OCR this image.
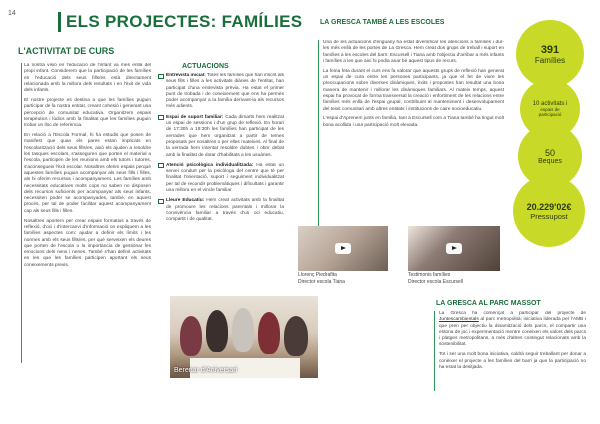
14	ELS PROJECTES: FAMÍLIES
L'ACTIVITAT DE CURS

La nostra visió en l'educació de l'infant va més enllà del propi infant. Considerem que la participació de les famílies en l'educació dels seus fills/es està directament relacionada amb la millora dels resultats i en l'èxit de vida dels infants.

El nostre projecte es destina a que les famílies puguin participar de la nostra entitat, creant cohesió i generant una percepció de comunitat educativa. Organitzem espais terapèutics i lúdics amb la finalitat que les famílies puguin trobar un lloc de referència.

En relació a l'Escola Formal, hi ha estudis que posen de manifest que quan els pares estan implicats en l'escolarització dels seus fills/es, això els ajuden a resoldre les tasques escolars, s'asseguren que porten el material a l'escola, participen de les reunions amb els tutors i tutores, s'aconsegueix l'èxit escolar. Nosaltres oferim espais perquè aquestes famílies puguin acompanyar als seus fills i filles, als hi oferim recursos i acompanyament. Les famílies amb necessitats educatives molts cops no saben no disposen dels recursos suficients per acompanyar als seus infants, necessiten poder se acompanyades, també, en aquest procés, per tal de poder facilitar aquest acompanyament cap als seus fills i filles.

Nosaltres aportem per crear espais formatius a través de reflexió, d'oci i d'intercanvi d'informació on expliquem a les famílies aspectes com: ajudar a definir els límits i les normes amb els seus fills/es, per què serveixen els deures que porten de l'escola o la importància de gestionar les emocions dels nens i nenes. També s'han definit activitats en les que les famílies participen aportant els seus coneixements previs.

ACTUACIONS
Entrevista inicial: Totes les famílies que han inscrit als seus fills i filles a les activitats diàries de l'entitat, han participat d'una entrevista prèvia. Ha estat el primer punt de trobada i de coneixement que ens ha permès poder acompanyar a la família derivant-la als recursos més adients.
Espai de suport familiar: Cada dimarts hem realitzat un espai de sessions i d'un grup de reflexió. En horari de 17:30h a 19:30h les famílies han participat de les xerrades que hem organitzat a partir de temes proposats per nosaltres o per elles mateixes. Al final de la xerrada hem intentat resoldre dubtes i obrir debat amb la finalitat de dotar d'habilitats a les usuàries.
Atenció psicològica individualitzada: Ha estat un servei conduït per la psicòloga del centre que té per finalitat l'orientació, suport i seguiment individualitzat per tal de recondir problemàtiques i dificultats i garantir una millora en el vincle familiar.
Lleure Educatiu: Hem creat activitats amb la finalitat de promoure les relacions parentals i millorar la convivència familiar a través d'un oci educatiu, compartit i de qualitat.
LA GRESCA TAMBÉ A LES ESCOLES

Una de les actuacions d'enguany ha estat diversificar les atencions a famílies i dur-les més enllà de les portes de La Gresca. Hem creat dos grups de treball i suport en famílies a les escoles del barri: Escursell i Tiana amb l'objectiu d'arribar a més infants i famílies a les que així hi podia anar bé aquest tipus de recurs.

La feina feta durant el curs ens fa valorar que aquests grups de reflexió han generat un espai de cura entre les persones participants, ja que el fet de viure les preocupacions sobre diverses dinàmiques, èxits i propostes han resultat una bona manera de mantenir i millorar les dinàmiques familiars. Al mateix temps, aquest espai ha provocat de forma transversal la creació i enfortiment de les relacions entre famílies més enllà de l'espai grupal, contribuint al manteniment i desenvolupament del teixit comunitari amb altres entitats i institucions de caire socioeducatiu.

L'espai d'Aprenem junts en família, tant a Escursell com a Tiana també ha tingut molt bona acollida i una participació molt elevada.

391
Famílies
10 activitats i
espais de participació
50
Beques
20.229'02€
Pressupost
Llorenç Piedrafita
Director escola Tiana
Testimonis famílies
Director escola Escursell
LA GRESCA AL PARC MASSOT

La Gresca ha començat a participar del projecte de Juntescambientals al parc metropolità; iniciativa liderada per l'AMB i que pren per objectiu la dinamització dels parcs, el compartir una estona de joc i experimentació mentre coneixen els valors dels parcs i platges metropolitans, a més d'altres contingut relacionats amb la sostenibilitat.

Tot i ser una molt bona iniciativa, caldrà seguir treballant per donar a conèixer el projecte a les famílies del barri ja que la participació no ha estat la desitjada.

Berenar d'Aniversari
